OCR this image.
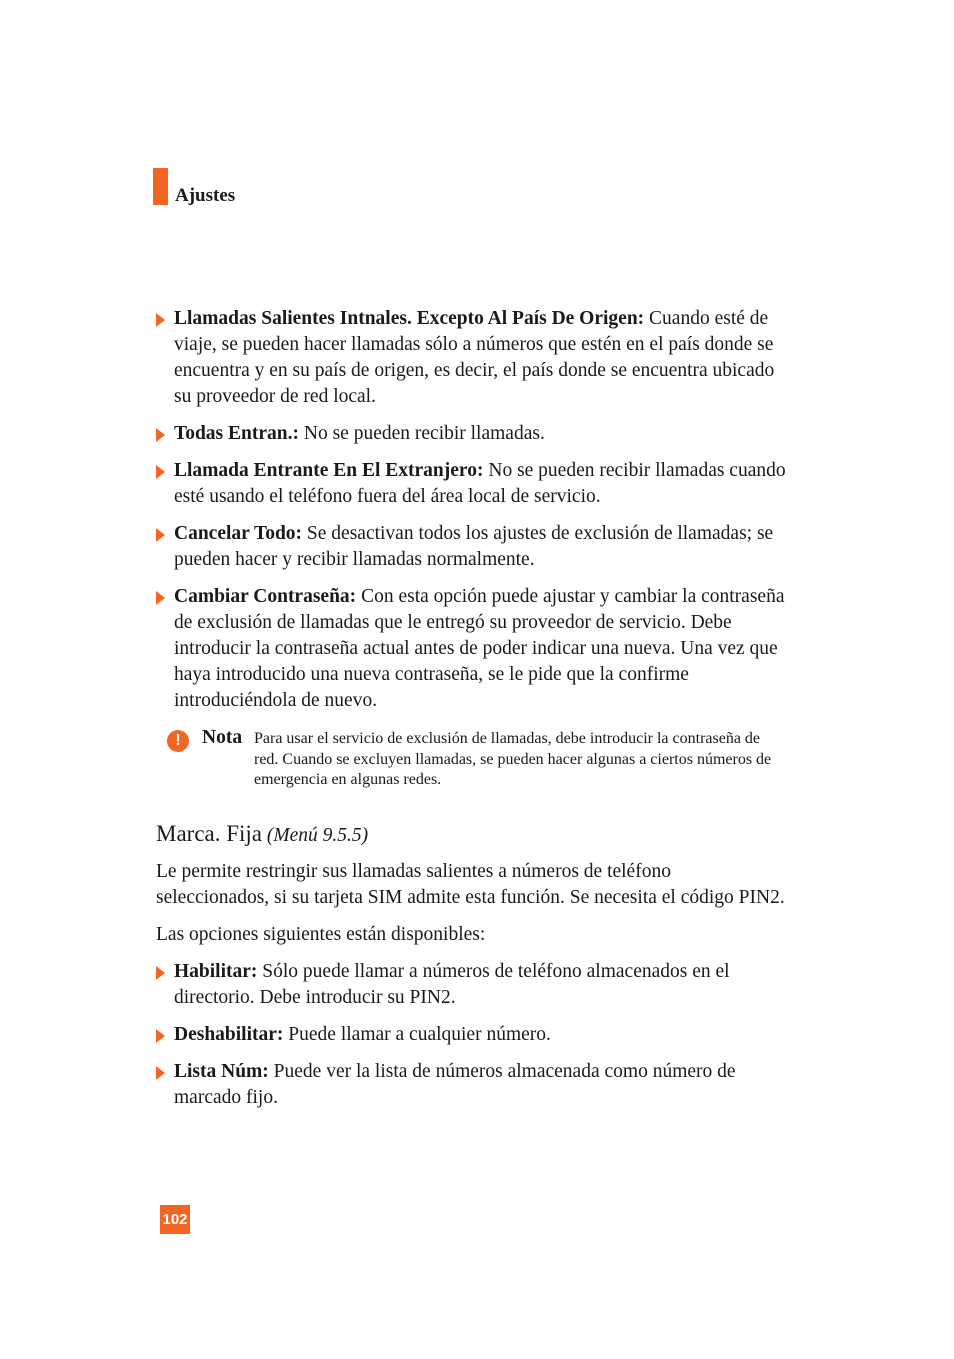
Ajustes
Llamadas Salientes Intnales. Excepto Al País De Origen: Cuando esté de viaje, se pueden hacer llamadas sólo a números que estén en el país donde se encuentra y en su país de origen, es decir, el país donde se encuentra ubicado su proveedor de red local.
Todas Entran.: No se pueden recibir llamadas.
Llamada Entrante En El Extranjero: No se pueden recibir llamadas cuando esté usando el teléfono fuera del área local de servicio.
Cancelar Todo: Se desactivan todos los ajustes de exclusión de llamadas; se pueden hacer y recibir llamadas normalmente.
Cambiar Contraseña: Con esta opción puede ajustar y cambiar la contraseña de exclusión de llamadas que le entregó su proveedor de servicio. Debe introducir la contraseña actual antes de poder indicar una nueva. Una vez que haya introducido una nueva contraseña, se le pide que la confirme introduciéndola de nuevo.
!	Nota Para usar el servicio de exclusión de llamadas, debe introducir la contraseña de red. Cuando se excluyen llamadas, se pueden hacer algunas a ciertos números de emergencia en algunas redes.
Marca. Fija (Menú 9.5.5)

Le permite restringir sus llamadas salientes a números de teléfono seleccionados, si su tarjeta SIM admite esta función. Se necesita el código PIN2.

Las opciones siguientes están disponibles:

Habilitar: Sólo puede llamar a números de teléfono almacenados en el directorio. Debe introducir su PIN2.
Deshabilitar: Puede llamar a cualquier número.
Lista Núm: Puede ver la lista de números almacenada como número de marcado fijo.
102
